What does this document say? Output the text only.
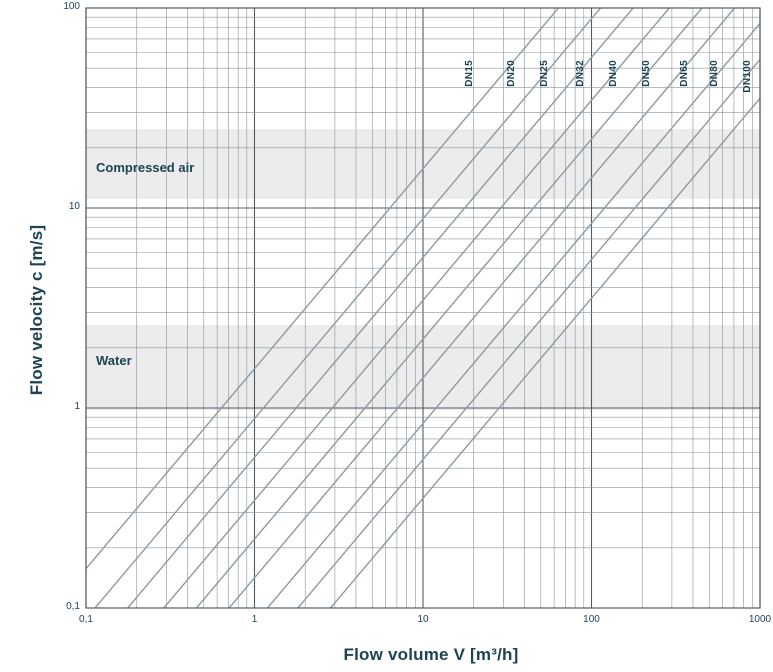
Flow velocity c [m/s]
Flow volume V [m³/h]
Compressed air
Water
DN15	DN20 DN25	DN32 DN40 DN50	DN65 DN80 DN100
0,1	1	10	100	1000
0,1
1
10
100
